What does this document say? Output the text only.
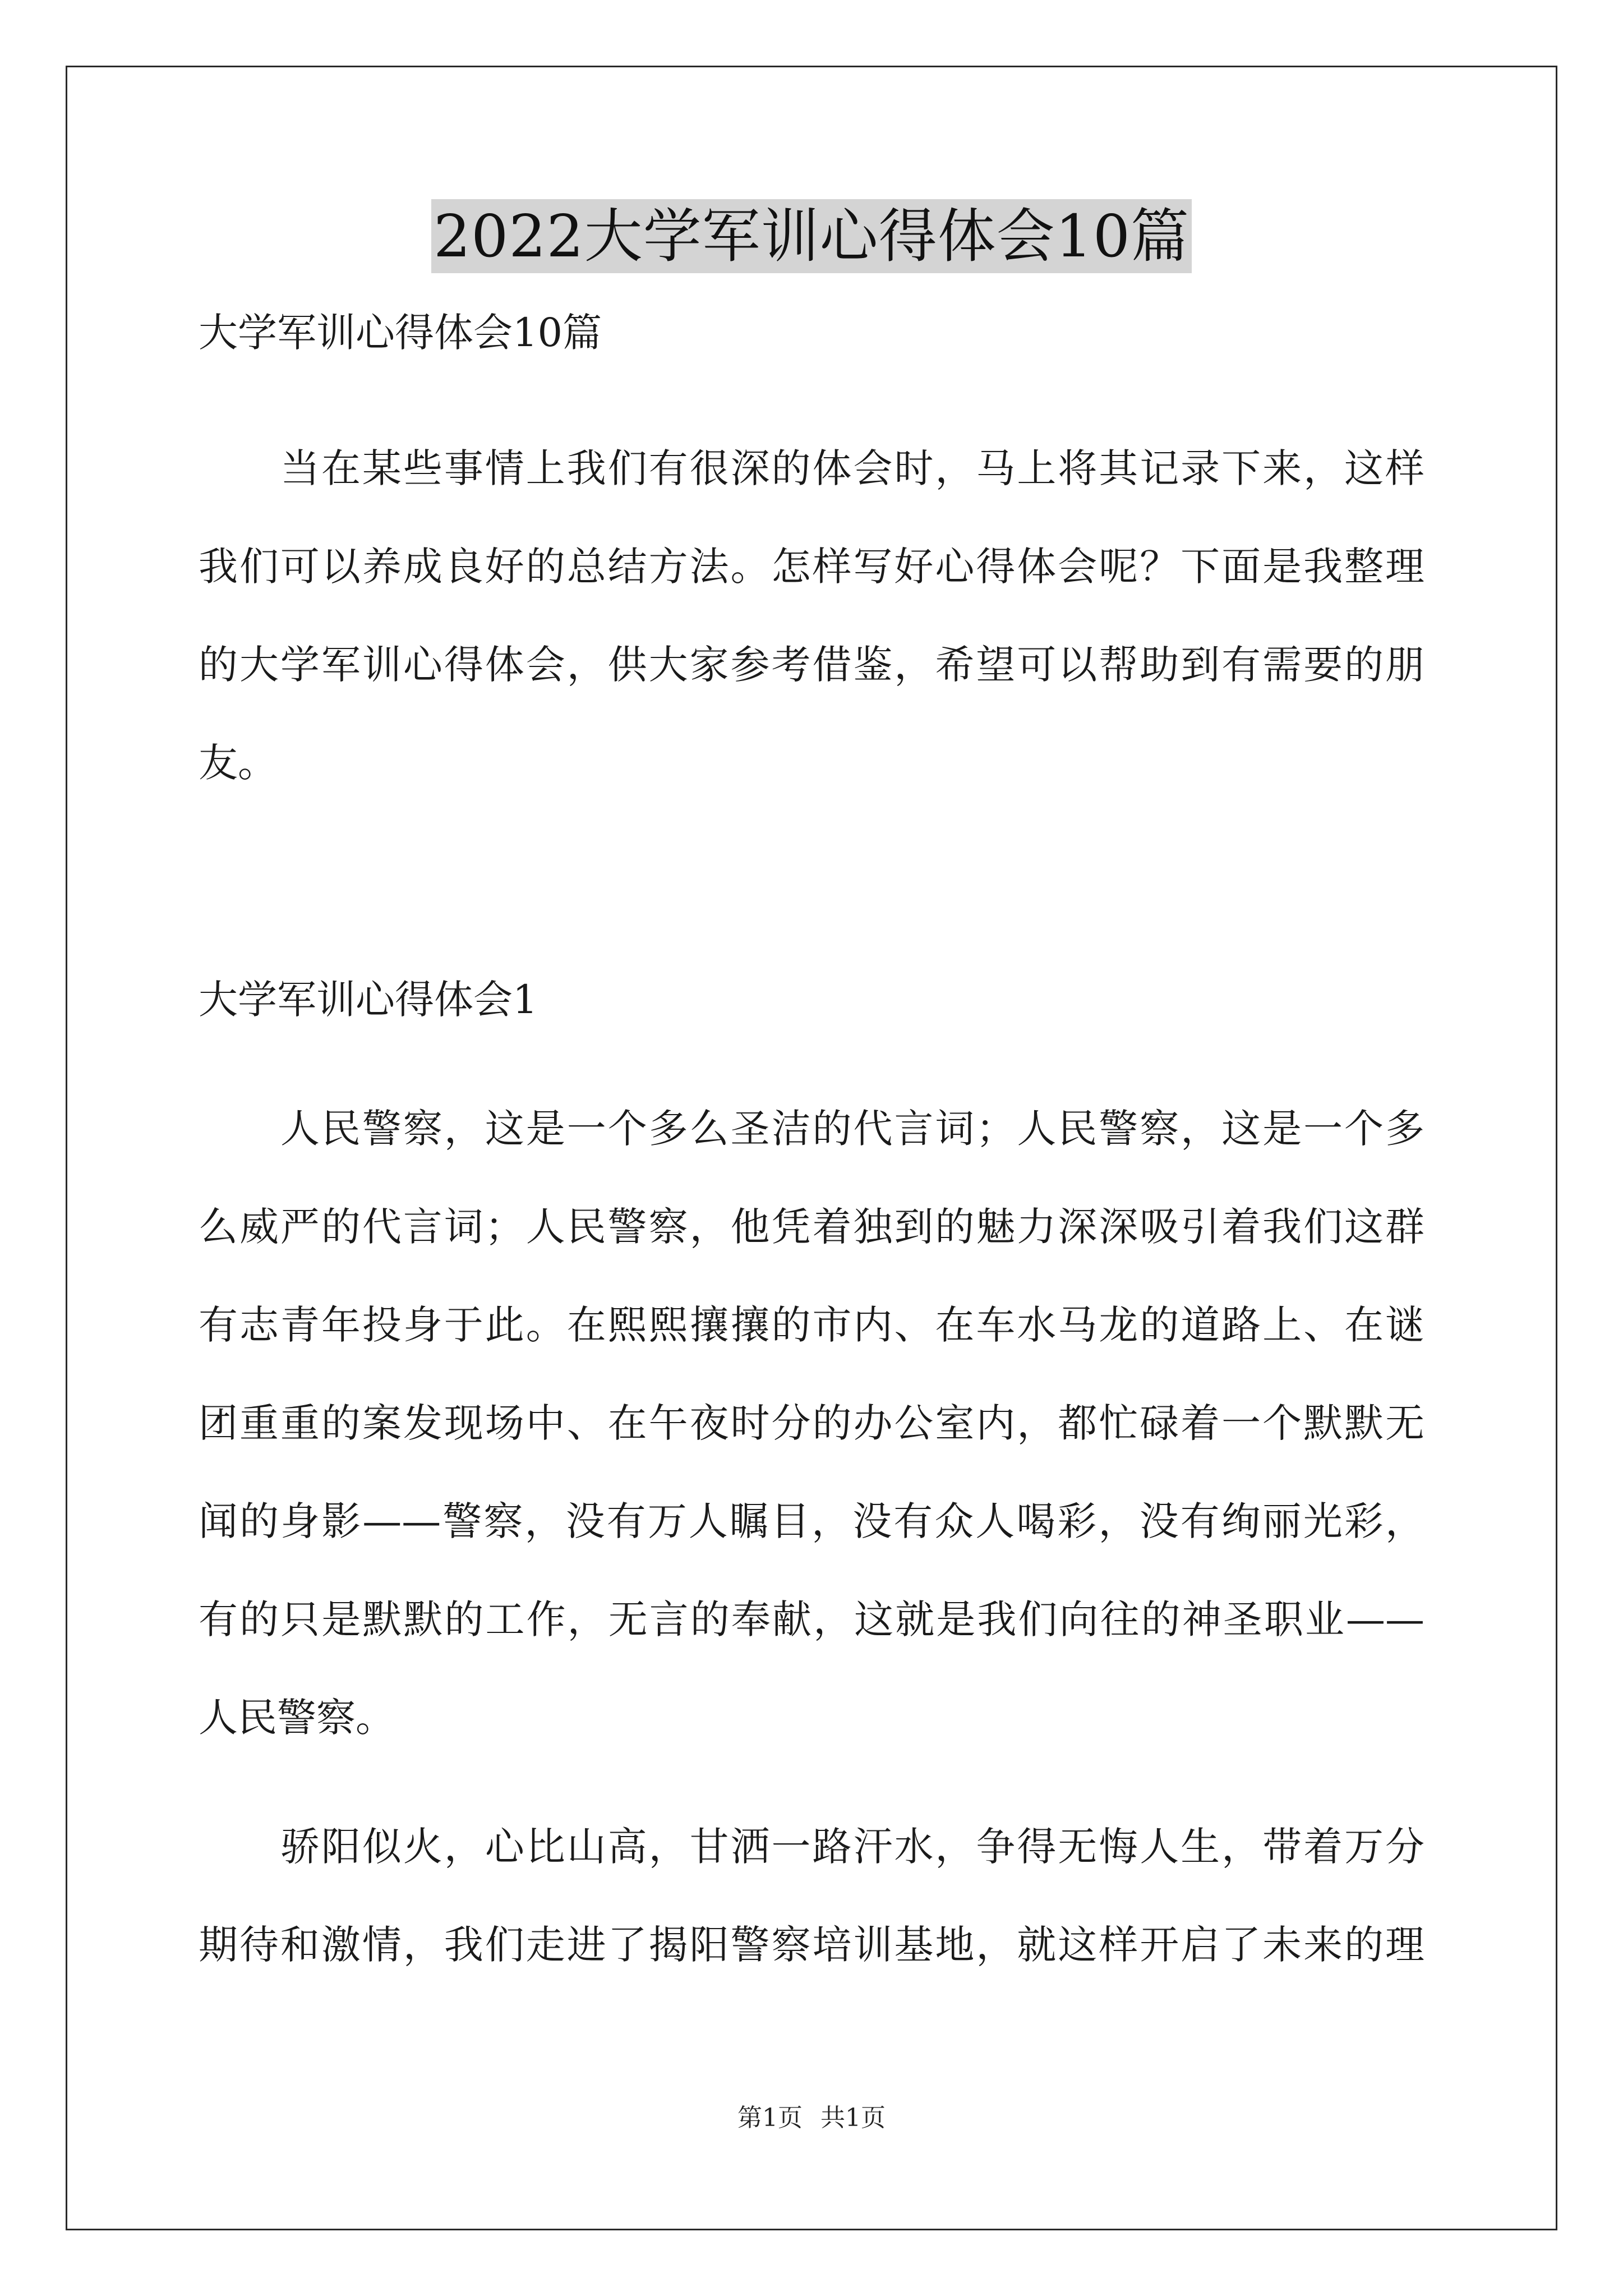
2022大学军训心得体会10篇
大学军训心得体会10篇
当在某些事情上我们有很深的体会时，马上将其记录下来，这样
我们可以养成良好的总结方法。怎样写好心得体会呢？下面是我整理
的大学军训心得体会，供大家参考借鉴，希望可以帮助到有需要的朋
友。
大学军训心得体会1
人民警察，这是一个多么圣洁的代言词；人民警察，这是一个多
么威严的代言词；人民警察，他凭着独到的魅力深深吸引着我们这群
有志青年投身于此。在熙熙攘攘的市内、在车水马龙的道路上、在谜
团重重的案发现场中、在午夜时分的办公室内，都忙碌着一个默默无
闻的身影——警察，没有万人瞩目，没有众人喝彩，没有绚丽光彩，
有的只是默默的工作，无言的奉献，这就是我们向往的神圣职业——
人民警察。
骄阳似火，心比山高，甘洒一路汗水，争得无悔人生，带着万分
期待和激情，我们走进了揭阳警察培训基地，就这样开启了未来的理
第1页 共1页
